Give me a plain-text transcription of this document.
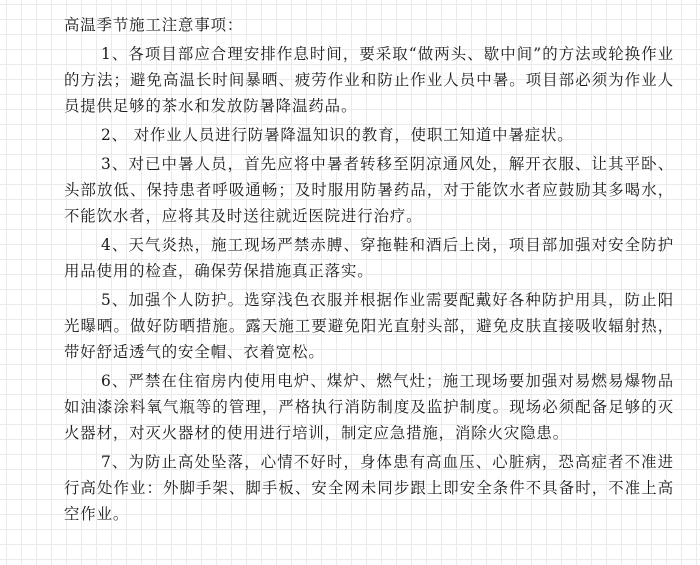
高温季节施工注意事项：
1、各项目部应合理安排作息时间，要采取“做两头、歇中间”的方法或轮换作业的方法；避免高温长时间暴晒、疲劳作业和防止作业人员中暑。项目部必须为作业人员提供足够的茶水和发放防暑降温药品。
2、 对作业人员进行防暑降温知识的教育，使职工知道中暑症状。
3、对已中暑人员，首先应将中暑者转移至阴凉通风处，解开衣服、让其平卧、头部放低、保持患者呼吸通畅；及时服用防暑药品，对于能饮水者应鼓励其多喝水，不能饮水者，应将其及时送往就近医院进行治疗。
4、天气炎热，施工现场严禁赤膊、穿拖鞋和酒后上岗，项目部加强对安全防护用品使用的检查，确保劳保措施真正落实。
5、加强个人防护。选穿浅色衣服并根据作业需要配戴好各种防护用具，防止阳光曝晒。做好防晒措施。露天施工要避免阳光直射头部，避免皮肤直接吸收辐射热，带好舒适透气的安全帽、衣着宽松。
6、严禁在住宿房内使用电炉、煤炉、燃气灶；施工现场要加强对易燃易爆物品如油漆涂料氧气瓶等的管理，严格执行消防制度及监护制度。现场必须配备足够的灭火器材，对灭火器材的使用进行培训，制定应急措施，消除火灾隐患。
7、为防止高处坠落，心情不好时，身体患有高血压、心脏病，恐高症者不准进行高处作业：外脚手架、脚手板、安全网未同步跟上即安全条件不具备时，不准上高空作业。
